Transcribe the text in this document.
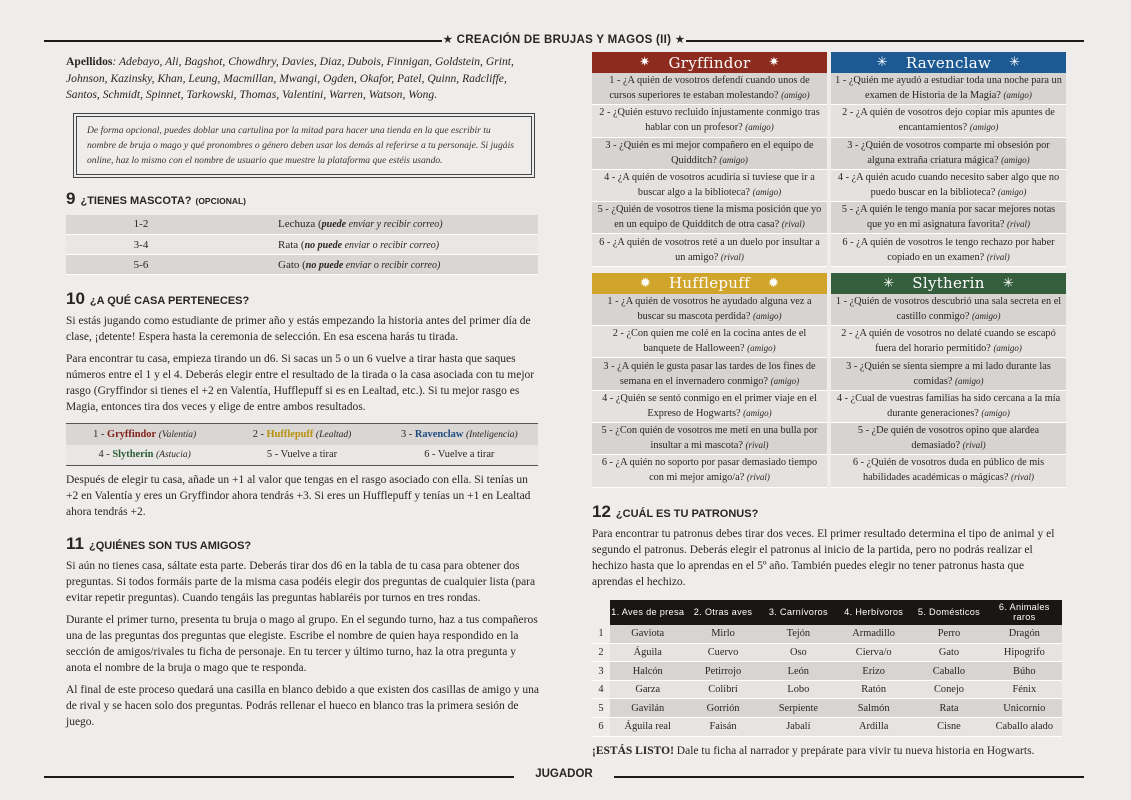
★ CREACIÓN DE BRUJAS Y MAGOS (II) ★
Apellidos: Adebayo, Ali, Bagshot, Chowdhry, Davies, Diaz, Dubois, Finnigan, Goldstein, Grint, Johnson, Kazinsky, Khan, Leung, Macmillan, Mwangi, Ogden, Okafor, Patel, Quinn, Radcliffe, Santos, Schmidt, Spinnet, Tarkowski, Thomas, Valentini, Warren, Watson, Wong.
De forma opcional, puedes doblar una cartulina por la mitad para hacer una tienda en la que escribir tu nombre de bruja o mago y qué pronombres o género deben usar los demás al referirse a tu personaje. Si jugáis online, haz lo mismo con el nombre de usuario que muestre la plataforma que estéis usando.
9 ¿TIENES MASCOTA? (OPCIONAL)
1-2	Lechuza (puede enviar y recibir correo)
3-4	Rata (no puede enviar o recibir correo)
5-6	Gato (no puede enviar o recibir correo)
10 ¿A QUÉ CASA PERTENECES?

Si estás jugando como estudiante de primer año y estás empezando la historia antes del primer día de clase, ¡detente! Espera hasta la ceremonia de selección. En esa escena harás tu tirada.

Para encontrar tu casa, empieza tirando un d6. Si sacas un 5 o un 6 vuelve a tirar hasta que saques números entre el 1 y el 4. Deberás elegir entre el resultado de la tirada o la casa asociada con tu mejor rasgo (Gryffindor si tienes el +2 en Valentía, Hufflepuff si es en Lealtad, etc.). Si tu mejor rasgo es Magia, entonces tira dos veces y elige de entre ambos resultados.

1 - Gryffindor (Valentía)	2 - Hufflepuff (Lealtad)	3 - Ravenclaw (Inteligencia)
4 - Slytherin (Astucia)	5 - Vuelve a tirar	6 - Vuelve a tirar

Después de elegir tu casa, añade un +1 al valor que tengas en el rasgo asociado con ella. Si tenías un +2 en Valentía y eres un Gryffindor ahora tendrás +3. Si eres un Hufflepuff y tenías un +1 en Lealtad ahora tendrás +2.

11 ¿QUIÉNES SON TUS AMIGOS?

Si aún no tienes casa, sáltate esta parte. Deberás tirar dos d6 en la tabla de tu casa para obtener dos preguntas. Si todos formáis parte de la misma casa podéis elegir dos preguntas de cualquier lista (para evitar repetir preguntas). Cuando tengáis las preguntas hablaréis por turnos en tres rondas.

Durante el primer turno, presenta tu bruja o mago al grupo. En el segundo turno, haz a tus compañeros una de las preguntas dos preguntas que elegiste. Escribe el nombre de quien haya respondido en la sección de amigos/rivales tu ficha de personaje. En tu tercer y último turno, haz la otra pregunta y anota el nombre de la bruja o mago que te responda.

Al final de este proceso quedará una casilla en blanco debido a que existen dos casillas de amigo y una de rival y se hacen solo dos preguntas. Podrás rellenar el hueco en blanco tras la primera sesión de juego.

✷ Gryffindor ✷
1 - ¿A quién de vosotros defendí cuando unos de cursos superiores te estaban molestando? (amigo)
2 - ¿Quién estuvo recluido injustamente conmigo tras hablar con un profesor? (amigo)
3 - ¿Quién es mi mejor compañero en el equipo de Quidditch? (amigo)
4 - ¿A quién de vosotros acudiría si tuviese que ir a buscar algo a la biblioteca? (amigo)
5 - ¿Quién de vosotros tiene la misma posición que yo en un equipo de Quidditch de otra casa? (rival)
6 - ¿A quién de vosotros reté a un duelo por insultar a un amigo? (rival)
✳ Ravenclaw ✳
1 - ¿Quién me ayudó a estudiar toda una noche para un examen de Historia de la Magia? (amigo)
2 - ¿A quién de vosotros dejo copiar mis apuntes de encantamientos? (amigo)
3 - ¿Quién de vosotros comparte mi obsesión por alguna extraña criatura mágica? (amigo)
4 - ¿A quién acudo cuando necesito saber algo que no puedo buscar en la biblioteca? (amigo)
5 - ¿A quién le tengo manía por sacar mejores notas que yo en mi asignatura favorita? (rival)
6 - ¿A quién de vosotros le tengo rechazo por haber copiado en un examen? (rival)
✹ Hufflepuff ✹
1 - ¿A quién de vosotros he ayudado alguna vez a buscar su mascota perdida? (amigo)
2 - ¿Con quien me colé en la cocina antes de el banquete de Halloween? (amigo)
3 - ¿A quién le gusta pasar las tardes de los fines de semana en el invernadero conmigo? (amigo)
4 - ¿Quién se sentó conmigo en el primer viaje en el Expreso de Hogwarts? (amigo)
5 - ¿Con quién de vosotros me metí en una bulla por insultar a mi mascota? (rival)
6 - ¿A quién no soporto por pasar demasiado tiempo con mi mejor amigo/a? (rival)
✳ Slytherin ✳
1 - ¿Quién de vosotros descubrió una sala secreta en el castillo conmigo? (amigo)
2 - ¿A quién de vosotros no delaté cuando se escapó fuera del horario permitido? (amigo)
3 - ¿Quién se sienta siempre a mi lado durante las comidas? (amigo)
4 - ¿Cual de vuestras familias ha sido cercana a la mía durante generaciones? (amigo)
5 - ¿De quién de vosotros opino que alardea demasiado? (rival)
6 - ¿Quién de vosotros duda en público de mis habilidades académicas o mágicas? (rival)
12 ¿CUÁL ES TU PATRONUS?

Para encontrar tu patronus debes tirar dos veces. El primer resultado determina el tipo de animal y el segundo el patronus. Deberás elegir el patronus al inicio de la partida, pero no podrás realizar el hechizo hasta que lo aprendas en el 5º año. También puedes elegir no tener patronus hasta que aprendas el hechizo.

	1. Aves de presa	2. Otras aves	3. Carnívoros	4. Herbívoros	5. Domésticos	6. Animales raros
1	Gaviota	Mirlo	Tejón	Armadillo	Perro	Dragón
2	Águila	Cuervo	Oso	Cierva/o	Gato	Hipogrifo
3	Halcón	Petirrojo	León	Erizo	Caballo	Búho
4	Garza	Colibrí	Lobo	Ratón	Conejo	Fénix
5	Gavilán	Gorrión	Serpiente	Salmón	Rata	Unicornio
6	Águila real	Faisán	Jabalí	Ardilla	Cisne	Caballo alado

¡ESTÁS LISTO! Dale tu ficha al narrador y prepárate para vivir tu nueva historia en Hogwarts.

JUGADOR
